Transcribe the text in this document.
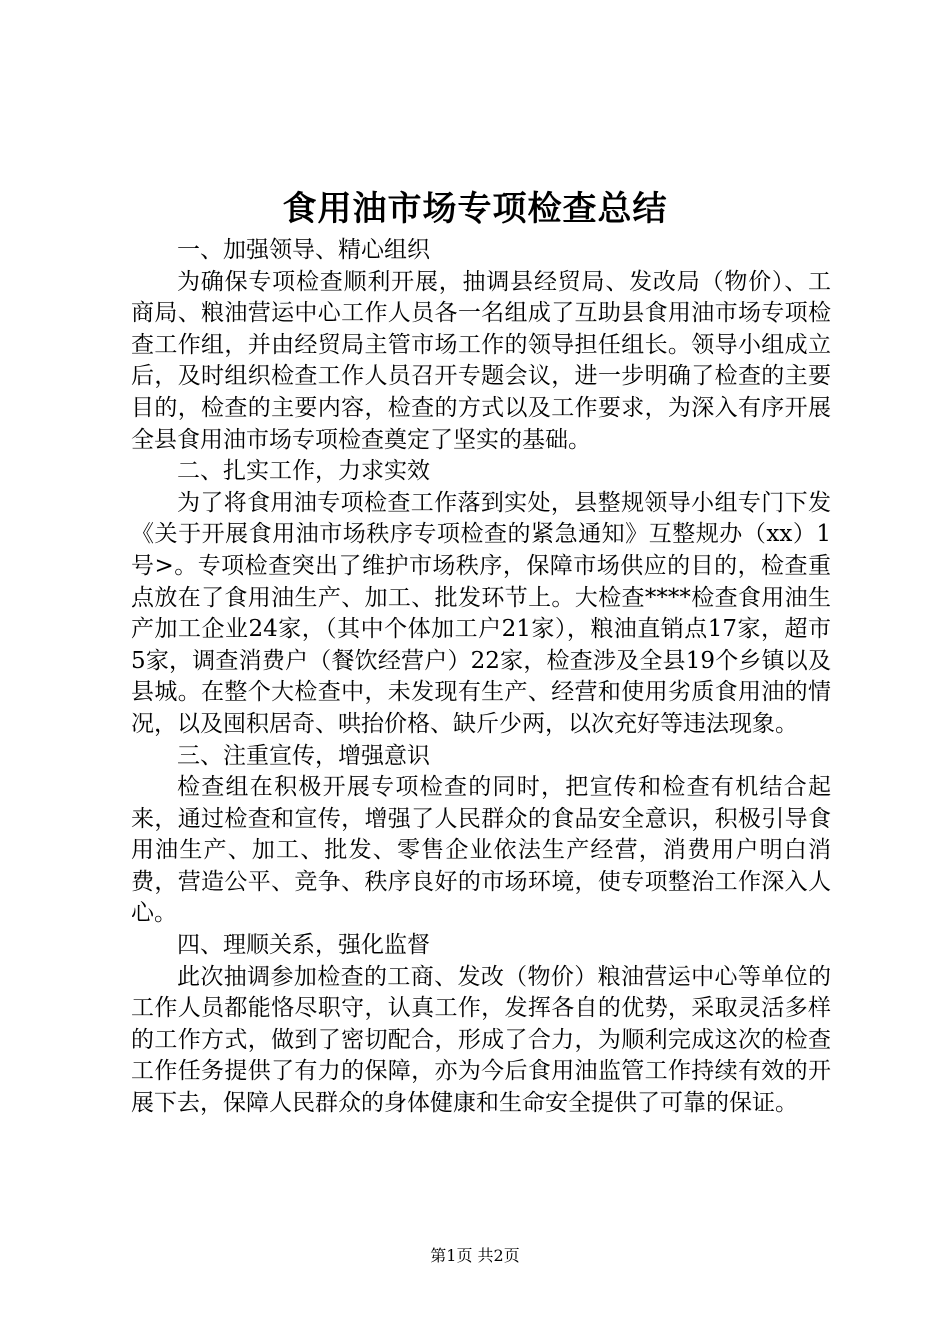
食用油市场专项检查总结

一、加强领导、精心组织

为确保专项检查顺利开展，抽调县经贸局、发改局（物价）、工商局、粮油营运中心工作人员各一名组成了互助县食用油市场专项检查工作组，并由经贸局主管市场工作的领导担任组长。领导小组成立后，及时组织检查工作人员召开专题会议，进一步明确了检查的主要目的，检查的主要内容，检查的方式以及工作要求，为深入有序开展全县食用油市场专项检查奠定了坚实的基础。

二、扎实工作，力求实效

为了将食用油专项检查工作落到实处，县整规领导小组专门下发《关于开展食用油市场秩序专项检查的紧急通知》互整规办（xx）1号>。专项检查突出了维护市场秩序，保障市场供应的目的，检查重点放在了食用油生产、加工、批发环节上。大检查****检查食用油生产加工企业24家，（其中个体加工户21家），粮油直销点17家，超市5家，调查消费户（餐饮经营户）22家，检查涉及全县19个乡镇以及县城。在整个大检查中，未发现有生产、经营和使用劣质食用油的情况，以及囤积居奇、哄抬价格、缺斤少两，以次充好等违法现象。

三、注重宣传，增强意识

检查组在积极开展专项检查的同时，把宣传和检查有机结合起来，通过检查和宣传，增强了人民群众的食品安全意识，积极引导食用油生产、加工、批发、零售企业依法生产经营，消费用户明白消费，营造公平、竞争、秩序良好的市场环境，使专项整治工作深入人心。

四、理顺关系，强化监督

此次抽调参加检查的工商、发改（物价）粮油营运中心等单位的工作人员都能恪尽职守，认真工作，发挥各自的优势，采取灵活多样的工作方式，做到了密切配合，形成了合力，为顺利完成这次的检查工作任务提供了有力的保障，亦为今后食用油监管工作持续有效的开展下去，保障人民群众的身体健康和生命安全提供了可靠的保证。

第1页 共2页
